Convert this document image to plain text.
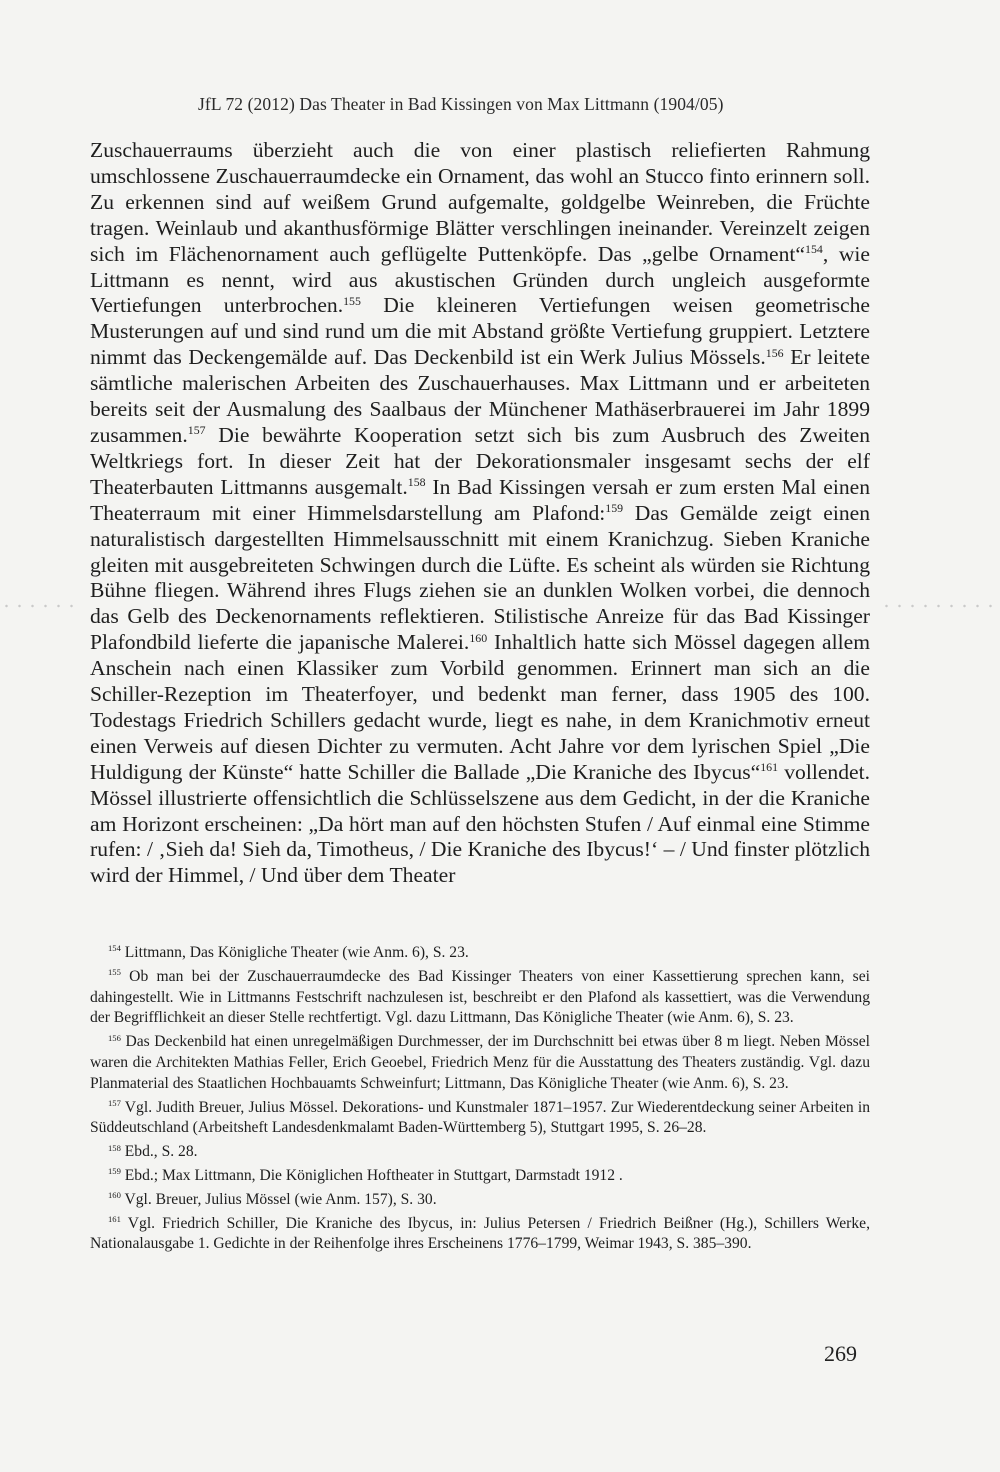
JfL 72 (2012) Das Theater in Bad Kissingen von Max Littmann (1904/05)
Zuschauerraums überzieht auch die von einer plastisch reliefierten Rahmung umschlossene Zuschauerraumdecke ein Ornament, das wohl an Stucco finto erinnern soll. Zu erkennen sind auf weißem Grund aufgemalte, goldgelbe Weinreben, die Früchte tragen. Weinlaub und akanthusförmige Blätter verschlingen ineinander. Vereinzelt zeigen sich im Flächenornament auch geflügelte Puttenköpfe. Das „gelbe Ornament“$^{154}$, wie Littmann es nennt, wird aus akustischen Gründen durch ungleich ausgeformte Vertiefungen unterbrochen.$^{155}$ Die kleineren Vertiefungen weisen geometrische Musterungen auf und sind rund um die mit Abstand größte Vertiefung gruppiert. Letztere nimmt das Deckengemälde auf. Das Deckenbild ist ein Werk Julius Mössels.$^{156}$ Er leitete sämtliche malerischen Arbeiten des Zuschauerhauses. Max Littmann und er arbeiteten bereits seit der Ausmalung des Saalbaus der Münchener Mathäserbrauerei im Jahr 1899 zusammen.$^{157}$ Die bewährte Kooperation setzt sich bis zum Ausbruch des Zweiten Weltkriegs fort. In dieser Zeit hat der Dekorationsmaler insgesamt sechs der elf Theaterbauten Littmanns ausgemalt.$^{158}$ In Bad Kissingen versah er zum ersten Mal einen Theaterraum mit einer Himmelsdarstellung am Plafond:$^{159}$ Das Gemälde zeigt einen naturalistisch dargestellten Himmelsausschnitt mit einem Kranichzug. Sieben Kraniche gleiten mit ausgebreiteten Schwingen durch die Lüfte. Es scheint als würden sie Richtung Bühne fliegen. Während ihres Flugs ziehen sie an dunklen Wolken vorbei, die dennoch das Gelb des Deckenornaments reflektieren. Stilistische Anreize für das Bad Kissinger Plafondbild lieferte die japanische Malerei.$^{160}$ Inhaltlich hatte sich Mössel dagegen allem Anschein nach einen Klassiker zum Vorbild genommen. Erinnert man sich an die Schiller-Rezeption im Theaterfoyer, und bedenkt man ferner, dass 1905 des 100. Todestags Friedrich Schillers gedacht wurde, liegt es nahe, in dem Kranichmotiv erneut einen Verweis auf diesen Dichter zu vermuten. Acht Jahre vor dem lyrischen Spiel „Die Huldigung der Künste“ hatte Schiller die Ballade „Die Kraniche des Ibycus“$^{161}$ vollendet. Mössel illustrierte offensichtlich die Schlüsselszene aus dem Gedicht, in der die Kraniche am Horizont erscheinen: „Da hört man auf den höchsten Stufen / Auf einmal eine Stimme rufen: / ‚Sieh da! Sieh da, Timotheus, / Die Kraniche des Ibycus!‘ – / Und finster plötzlich wird der Himmel, / Und über dem Theater

$^{154}$ Littmann, Das Königliche Theater (wie Anm. 6), S. 23.

$^{155}$ Ob man bei der Zuschauerraumdecke des Bad Kissinger Theaters von einer Kassettierung sprechen kann, sei dahingestellt. Wie in Littmanns Festschrift nachzulesen ist, beschreibt er den Plafond als kassettiert, was die Verwendung der Begrifflichkeit an dieser Stelle rechtfertigt. Vgl. dazu Littmann, Das Königliche Theater (wie Anm. 6), S. 23.

$^{156}$ Das Deckenbild hat einen unregelmäßigen Durchmesser, der im Durchschnitt bei etwas über 8 m liegt. Neben Mössel waren die Architekten Mathias Feller, Erich Geoebel, Friedrich Menz für die Ausstattung des Theaters zuständig. Vgl. dazu Planmaterial des Staatlichen Hochbauamts Schweinfurt; Littmann, Das Königliche Theater (wie Anm. 6), S. 23.

$^{157}$ Vgl. Judith Breuer, Julius Mössel. Dekorations- und Kunstmaler 1871–1957. Zur Wiederentdeckung seiner Arbeiten in Süddeutschland (Arbeitsheft Landesdenkmalamt Baden-Württemberg 5), Stuttgart 1995, S. 26–28.

$^{158}$ Ebd., S. 28.

$^{159}$ Ebd.; Max Littmann, Die Königlichen Hoftheater in Stuttgart, Darmstadt 1912 .

$^{160}$ Vgl. Breuer, Julius Mössel (wie Anm. 157), S. 30.

$^{161}$ Vgl. Friedrich Schiller, Die Kraniche des Ibycus, in: Julius Petersen / Friedrich Beißner (Hg.), Schillers Werke, Nationalausgabe 1. Gedichte in der Reihenfolge ihres Erscheinens 1776–1799, Weimar 1943, S. 385–390.

269
